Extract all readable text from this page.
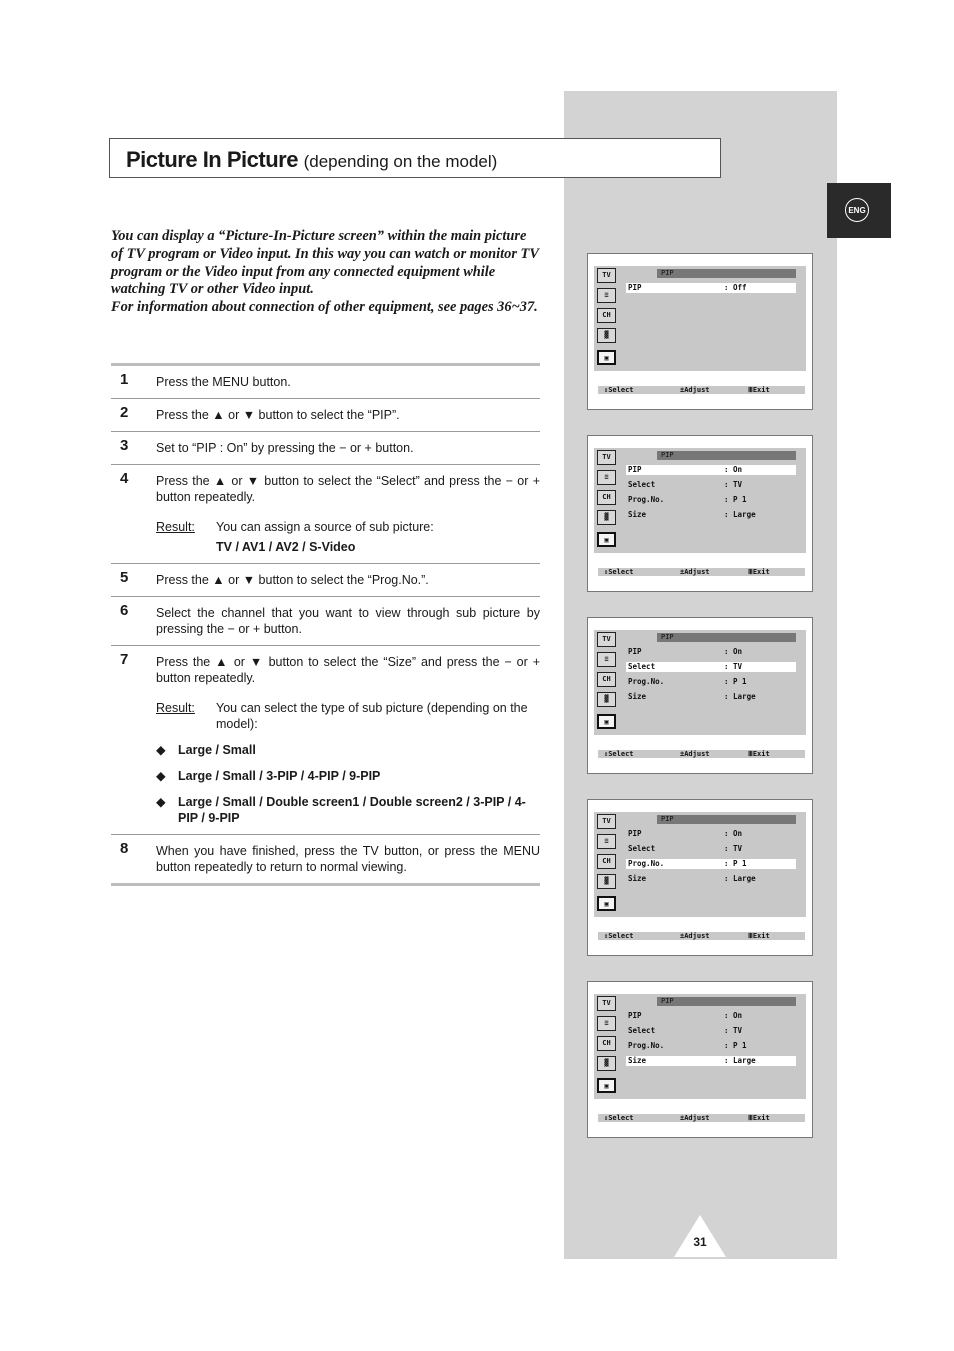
Picture In Picture (depending on the model)
ENG

You can display a “Picture-In-Picture screen” within the main picture of TV program or Video input. In this way you can watch or monitor TV program or the Video input from any connected equipment while watching TV or other Video input.

For information about connection of other equipment, see pages 36~37.

1 Press the MENU button.
2 Press the ▲ or ▼ button to select the “PIP”.
3 Set to “PIP : On” by pressing the − or + button.
4 Press the ▲ or ▼ button to select the “Select” and press the − or + button repeatedly.
Result:	You can assign a source of sub picture:
TV / AV1 / AV2 / S-Video
5 Press the ▲ or ▼ button to select the “Prog.No.”.
6 Select the channel that you want to view through sub picture by pressing the − or + button.
7 Press the ▲ or ▼ button to select the “Size” and press the − or + button repeatedly.
Result:	You can select the type of sub picture (depending on the model):
◆ Large / Small
◆ Large / Small / 3-PIP / 4-PIP / 9-PIP
◆ Large / Small / Double screen1 / Double screen2 / 3-PIP / 4-PIP / 9-PIP
8 When you have finished, press the TV button, or press the MENU button repeatedly to return to normal viewing.
TV
≡
CH
▓
▣
PIP
PIP	: Off
⇕Select	±Adjust	ⅢExit
TV
≡
CH
▓
▣
PIP
PIP	: On
Select	: TV
Prog.No.	: P 1
Size	: Large
⇕Select	±Adjust	ⅢExit
TV
≡
CH
▓
▣
PIP
PIP	: On
Select	: TV
Prog.No.	: P 1
Size	: Large
⇕Select	±Adjust	ⅢExit
TV
≡
CH
▓
▣
PIP
PIP	: On
Select	: TV
Prog.No.	: P 1
Size	: Large
⇕Select	±Adjust	ⅢExit
TV
≡
CH
▓
▣
PIP
PIP	: On
Select	: TV
Prog.No.	: P 1
Size	: Large
⇕Select	±Adjust	ⅢExit
31
